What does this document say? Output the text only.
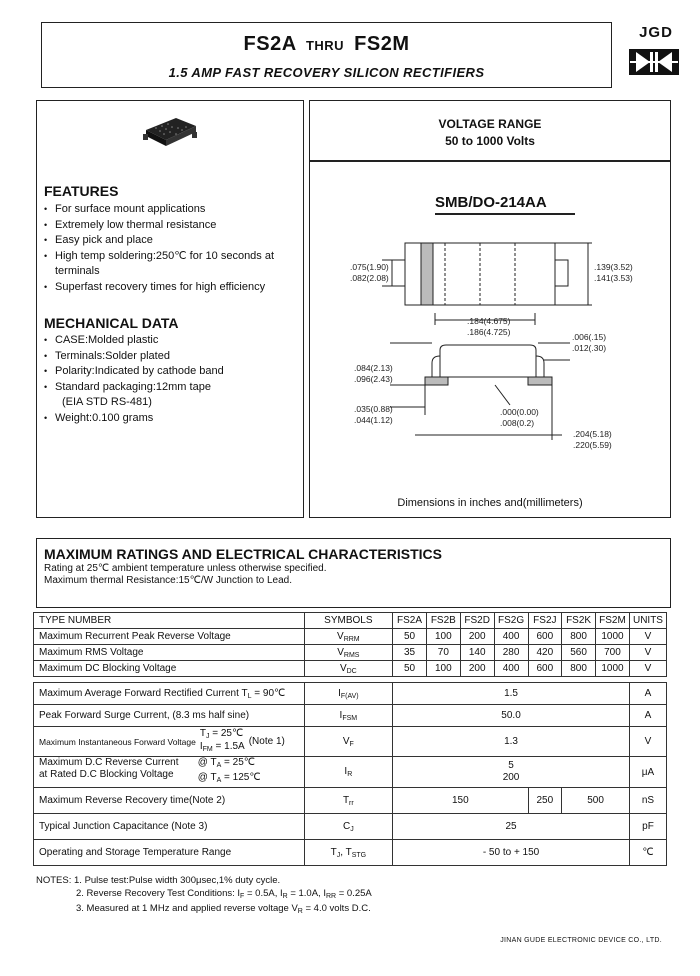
FS2A THRU FS2M
1.5 AMP FAST RECOVERY SILICON RECTIFIERS
JGD
FEATURES
• For surface mount applications
• Extremely low thermal resistance
• Easy pick and place
• High temp soldering:250℃ for 10 seconds at
terminals
• Superfast recovery times for high efficiency
MECHANICAL DATA
• CASE:Molded plastic
• Terminals:Solder plated
• Polarity:Indicated by cathode band
• Standard packaging:12mm tape
(EIA STD RS-481)
• Weight:0.100 grams
VOLTAGE RANGE
50 to 1000 Volts
SMB/DO-214AA
.075(1.90)
.082(2.08)
.139(3.52)
.141(3.53)
.184(4.675)
.186(4.725)	.006(.15)
.012(.30)
.084(2.13)
.096(2.43)
.035(0.88)
.044(1.12)
.000(0.00)
.008(0.2)
.204(5.18)
.220(5.59)
Dimensions in inches and(millimeters)
MAXIMUM RATINGS AND ELECTRICAL CHARACTERISTICS
Rating at 25℃ ambient temperature unless otherwise specified.
Maximum thermal Resistance:15℃/W Junction to Lead.
TYPE NUMBER	SYMBOLS	FS2A	FS2B	FS2D	FS2G	FS2J	FS2K	FS2M	UNITS
Maximum Recurrent Peak Reverse Voltage	$V_{RRM}$	50	100	200	400	600	800	1000	V
Maximum RMS Voltage	$V_{RMS}$	35	70	140	280	420	560	700	V
Maximum DC Blocking Voltage	$V_{DC}$	50	100	200	400	600	800	1000	V

Maximum Average Forward Rectified Current $T_L$ = 90℃	$I_{F(AV)}$	1.5							A
Peak Forward Surge Current, (8.3 ms half sine)	$I_{FSM}$	50.0							A

Maximum Instantaneous Forward Voltage
$T_J$ = 25℃
$I_{FM} = 1.5A$ (Note 1)	$V_F$	1.3							V

Maximum D.C Reverse Current
at Rated D.C Blocking Voltage
@ $T_A$ = 25℃
@ $T_A$ = 125℃	$I_R$	5
200							μA
Maximum Reverse Recovery time(Note 2)	$T_{rr}$	150				250	500		nS
Typical Junction Capacitance (Note 3)	$C_J$	25							pF
Operating and Storage Temperature Range	$T_J$, $T_{STG}$	- 50 to + 150							℃
NOTES: 1. Pulse test:Pulse width 300μsec,1% duty cycle.
2. Reverse Recovery Test Conditions: $I_F = 0.5A$, $I_R = 1.0A$, $I_{RR} = 0.25A$
3. Measured at 1 MHz and applied reverse voltage $V_R = 4.0$ volts D.C.
JINAN GUDE ELECTRONIC DEVICE CO., LTD.
